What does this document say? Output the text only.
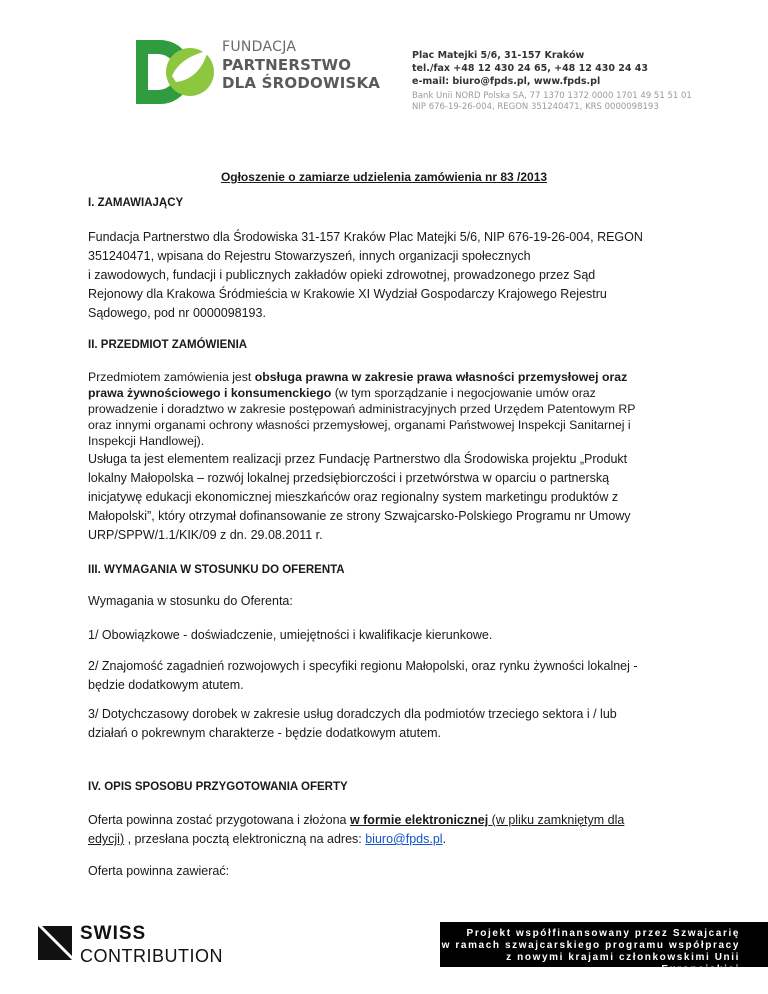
FUNDACJA
PARTNERSTWO
DLA ŚRODOWISKA
Plac Matejki 5/6, 31-157 Kraków
tel./fax +48 12 430 24 65, +48 12 430 24 43
e-mail: biuro@fpds.pl, www.fpds.pl
Bank Unii NORD Polska SA, 77 1370 1372 0000 1701 49 51 51 01
NIP 676-19-26-004, REGON 351240471, KRS 0000098193
Ogłoszenie o zamiarze udzielenia zamówienia nr 83 /2013
I. ZAMAWIAJĄCY
Fundacja Partnerstwo dla Środowiska 31-157 Kraków Plac Matejki 5/6, NIP 676-19-26-004, REGON
351240471, wpisana do Rejestru Stowarzyszeń, innych organizacji społecznych
i zawodowych, fundacji i publicznych zakładów opieki zdrowotnej, prowadzonego przez Sąd
Rejonowy dla Krakowa Śródmieścia w Krakowie XI Wydział Gospodarczy Krajowego Rejestru
Sądowego, pod nr 0000098193.
II. PRZEDMIOT ZAMÓWIENIA
Przedmiotem zamówienia jest obsługa prawna w zakresie prawa własności przemysłowej oraz
prawa żywnościowego i konsumenckiego (w tym sporządzanie i negocjowanie umów oraz
prowadzenie i doradztwo w zakresie postępowań administracyjnych przed Urzędem Patentowym RP
oraz innymi organami ochrony własności przemysłowej, organami Państwowej Inspekcji Sanitarnej i
Inspekcji Handlowej).
Usługa ta jest elementem realizacji przez Fundację Partnerstwo dla Środowiska projektu „Produkt
lokalny Małopolska – rozwój lokalnej przedsiębiorczości i przetwórstwa w oparciu o partnerską
inicjatywę edukacji ekonomicznej mieszkańców oraz regionalny system marketingu produktów z
Małopolski”, który otrzymał dofinansowanie ze strony Szwajcarsko-Polskiego Programu nr Umowy
URP/SPPW/1.1/KIK/09 z dn. 29.08.2011 r.
III. WYMAGANIA W STOSUNKU DO OFERENTA
Wymagania w stosunku do Oferenta:
1/ Obowiązkowe - doświadczenie, umiejętności i kwalifikacje kierunkowe.
2/ Znajomość zagadnień rozwojowych i specyfiki regionu Małopolski, oraz rynku żywności lokalnej -
będzie dodatkowym atutem.
3/ Dotychczasowy dorobek w zakresie usług doradczych dla podmiotów trzeciego sektora i / lub
działań o pokrewnym charakterze - będzie dodatkowym atutem.
IV. OPIS SPOSOBU PRZYGOTOWANIA OFERTY
Oferta powinna zostać przygotowana i złożona w formie elektronicznej (w pliku zamkniętym dla
edycji) , przesłana pocztą elektroniczną na adres: biuro@fpds.pl.
Oferta powinna zawierać:
SWISS
CONTRIBUTION
Projekt współfinansowany przez Szwajcarię
w ramach szwajcarskiego programu współpracy
z nowymi krajami członkowskimi Unii Europejskiej
